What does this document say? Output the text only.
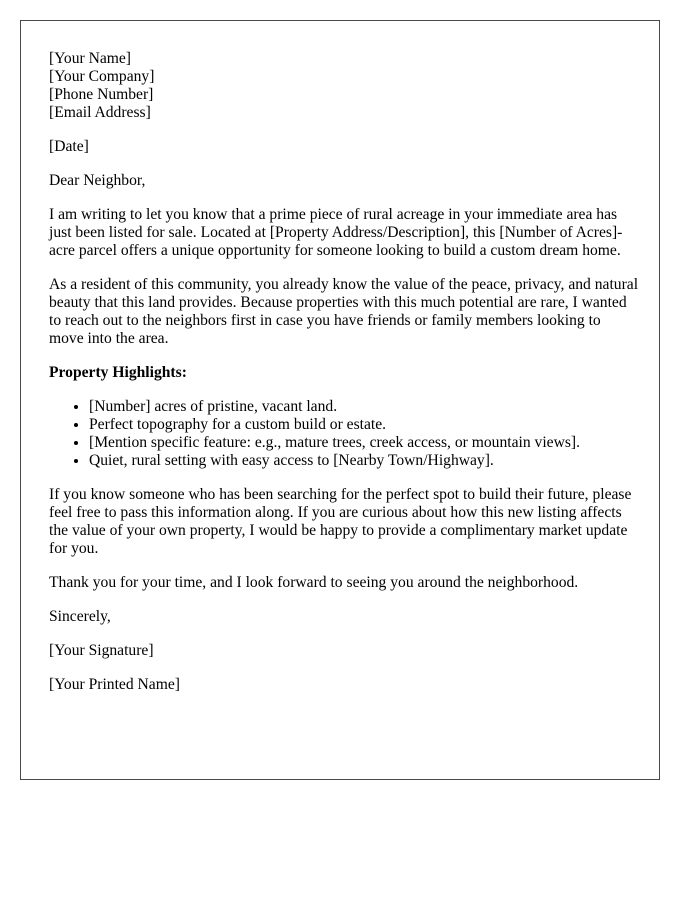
[Your Name]
[Your Company]
[Phone Number]
[Email Address]
[Date]
Dear Neighbor,

I am writing to let you know that a prime piece of rural acreage in your immediate area has just been listed for sale. Located at [Property Address/Description], this [Number of Acres]-acre parcel offers a unique opportunity for someone looking to build a custom dream home.

As a resident of this community, you already know the value of the peace, privacy, and natural beauty that this land provides. Because properties with this much potential are rare, I wanted to reach out to the neighbors first in case you have friends or family members looking to move into the area.

Property Highlights:
• [Number] acres of pristine, vacant land.
• Perfect topography for a custom build or estate.
• [Mention specific feature: e.g., mature trees, creek access, or mountain views].
• Quiet, rural setting with easy access to [Nearby Town/Highway].

If you know someone who has been searching for the perfect spot to build their future, please feel free to pass this information along. If you are curious about how this new listing affects the value of your own property, I would be happy to provide a complimentary market update for you.

Thank you for your time, and I look forward to seeing you around the neighborhood.

Sincerely,
[Your Signature]
[Your Printed Name]
